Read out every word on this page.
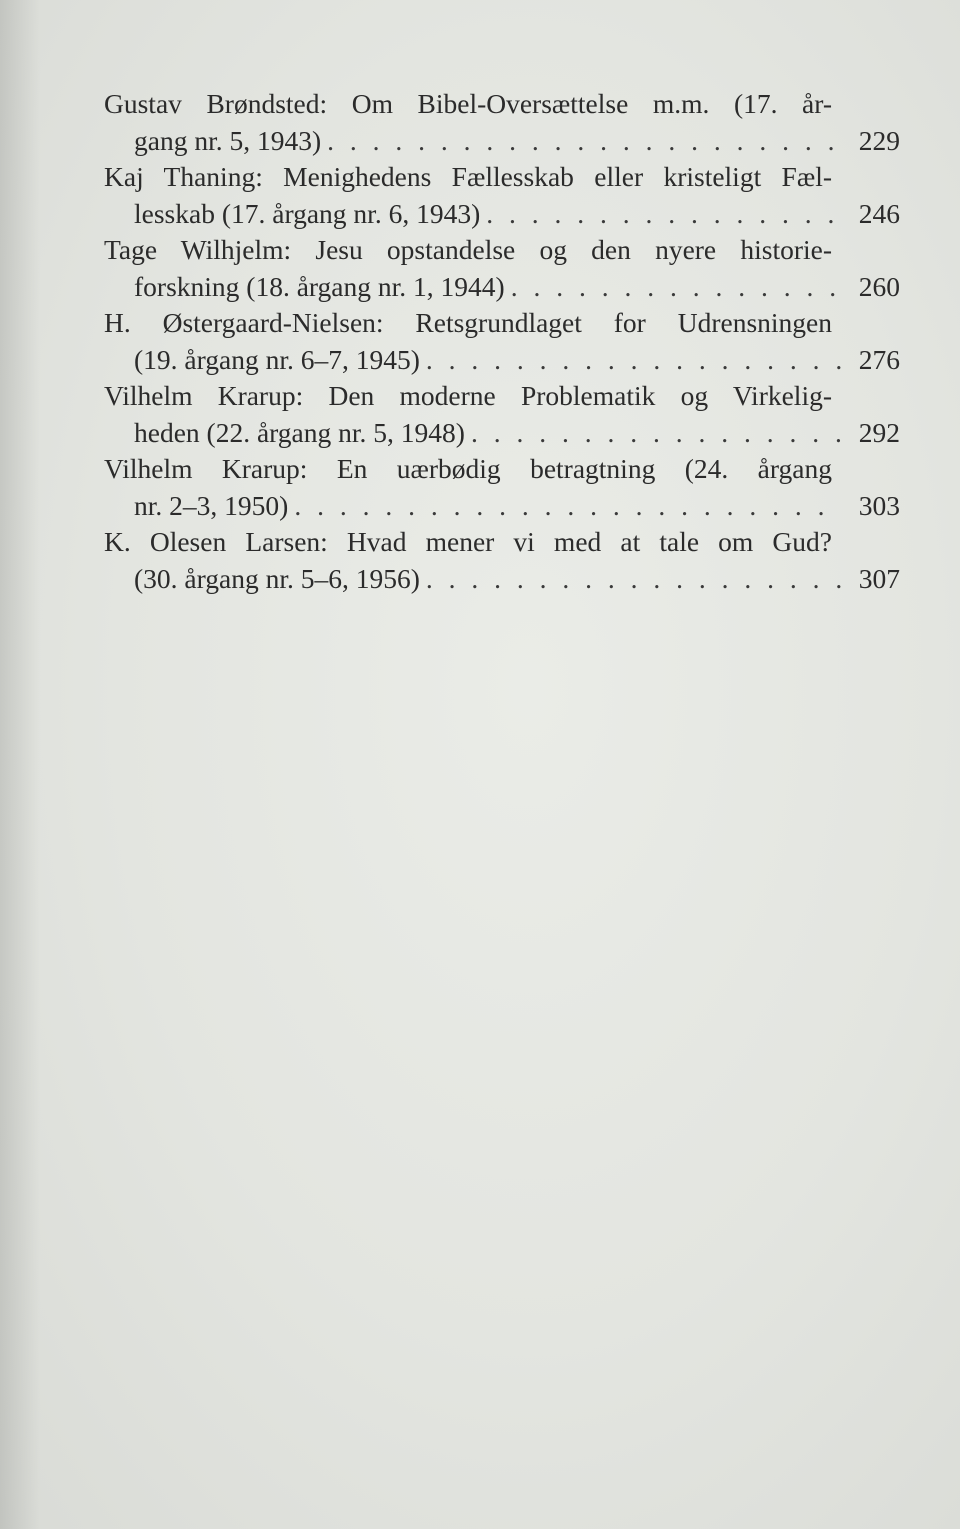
Gustav Brøndsted: Om Bibel-Oversættelse m.m. (17. år-
gang nr. 5, 1943) . . .	229
Kaj Thaning: Menighedens Fællesskab eller kristeligt Fæl-
lesskab (17. årgang nr. 6, 1943) . . .	246
Tage Wilhjelm: Jesu opstandelse og den nyere historie-
forskning (18. årgang nr. 1, 1944) . . .	260
H. Østergaard-Nielsen: Retsgrundlaget for Udrensningen
(19. årgang nr. 6–7, 1945) . . .	276
Vilhelm Krarup: Den moderne Problematik og Virkelig-
heden (22. årgang nr. 5, 1948) . . .	292
Vilhelm Krarup: En uærbødig betragtning (24. årgang
nr. 2–3, 1950) . . .	303
K. Olesen Larsen: Hvad mener vi med at tale om Gud?
(30. årgang nr. 5–6, 1956) . . .	307
